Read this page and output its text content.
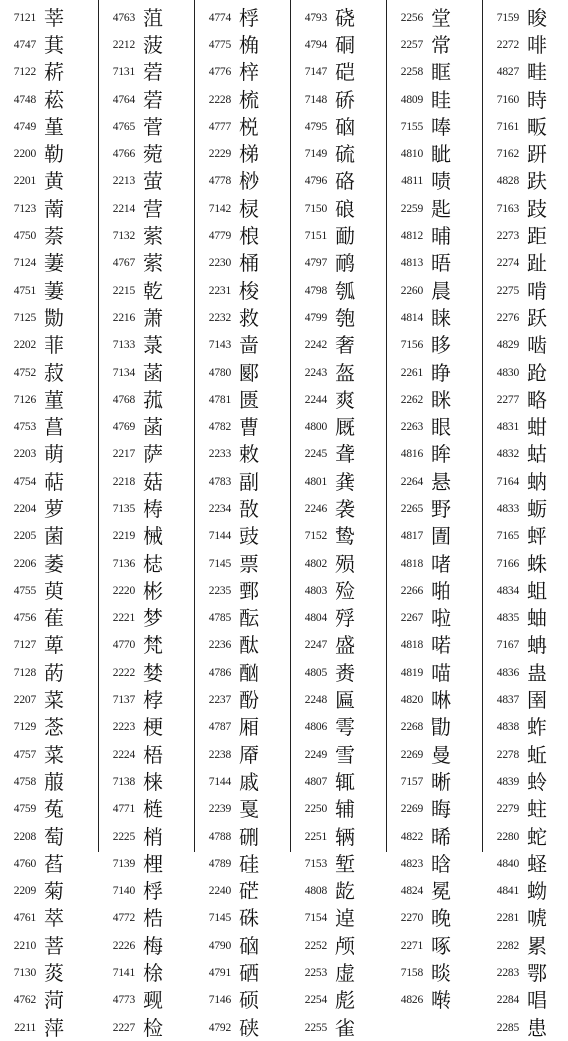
7121 莘
4747 萁
7122 菥
4748 菘
4749 堇
2200 勒
2201 黄
7123 萳
4750 萘
7124 萋
4751 萋
7125 勚
2202 菲
4752 菽
7126 菫
4753 菖
2203 萌
4754 萜
2204 萝
2205 菌
2206 萎
4755 萸
4756 萑
7127 萆
7128 菂
2207 菜
7129 菍
4757 菜
4758 菔
4759 菟
2208 萄
4760 萏
2209 菊
4761 萃
2210 菩
7130 菼
4762 菏
2211 萍
4763 菹
2212 菠
7131 菪
4764 菪
4765 菅
4766 菀
2213 萤
2214 营
7132 萦
4767 萦
2215 乾
2216 萧
7133 菉
7134 菡
4768 菰
4769 菡
2217 萨
2218 菇
7135 梼
2219 械
7136 梽
2220 彬
2221 梦
4770 梵
2222 婪
7137 桲
2223 梗
2224 梧
7138 梾
4771 梿
2225 梢
7139 梩
7140 桴
4772 梏
2226 梅
7141 梌
4773 觋
2227 检
4774 桴
4775 桷
4776 梓
2228 梳
4777 棁
2229 梯
4778 桫
7142 棂
4779 桹
2230 桶
2231 梭
2232 救
7143 啬
4780 郾
4781 匮
4782 曹
2233 敕
4783 副
2234 敔
7144 豉
7145 票
2235 鄄
4785 酝
2236 酞
4786 酗
2237 酚
4787 厢
2238 厣
7144 戚
2239 戛
4788 硎
4789 硅
2240 硭
7145 硃
4790 硇
4791 硒
7146 硕
4792 硖
4793 硗
4794 硐
7147 硙
7148 硚
4795 硇
7149 硫
4796 硌
7150 硠
7151 勔
4797 鸸
4798 瓠
4799 匏
2242 奢
2243 盔
2244 爽
4800 厩
2245 聋
4801 龚
2246 袭
7152 鸷
4802 殒
4803 殓
4804 殍
2247 盛
4805 赉
2248 匾
4806 雩
2249 雪
4807 辄
2250 辅
2251 辆
7153 堑
4808 龁
7154 逴
2252 颅
2253 虚
2254 彪
2255 雀
2256 堂
2257 常
2258 眶
4809 眭
7155 唪
4810 眦
4811 啧
2259 匙
4812 晡
4813 晤
2260 晨
4814 睐
7156 眵
2261 睁
2262 眯
2263 眼
4816 眸
2264 悬
2265 野
4817 圊
4818 啫
2266 啪
2267 啦
4818 喏
4819 喵
4820 啉
2268 勖
2269 曼
7157 晰
2269 晦
4822 晞
4823 晗
4824 冕
2270 晚
2271 啄
7158 晱
4826 啭
7159 晙
2272 啡
4827 畦
7160 時
7161 畈
7162 趼
4828 趺
7163 跂
2273 距
2274 趾
2275 啃
2276 跃
4829 啮
4830 跄
2277 略
4831 蚶
4832 蛄
7164 蚋
4833 蛎
7165 蚲
7166 蛛
4834 蛆
4835 蚰
7167 蚺
4836 蛊
4837 圉
4838 蚱
2278 蚯
4839 蛉
2279 蛀
2280 蛇
4840 蛏
4841 蚴
2281 唬
2282 累
2283 鄂
2284 唱
2285 患
